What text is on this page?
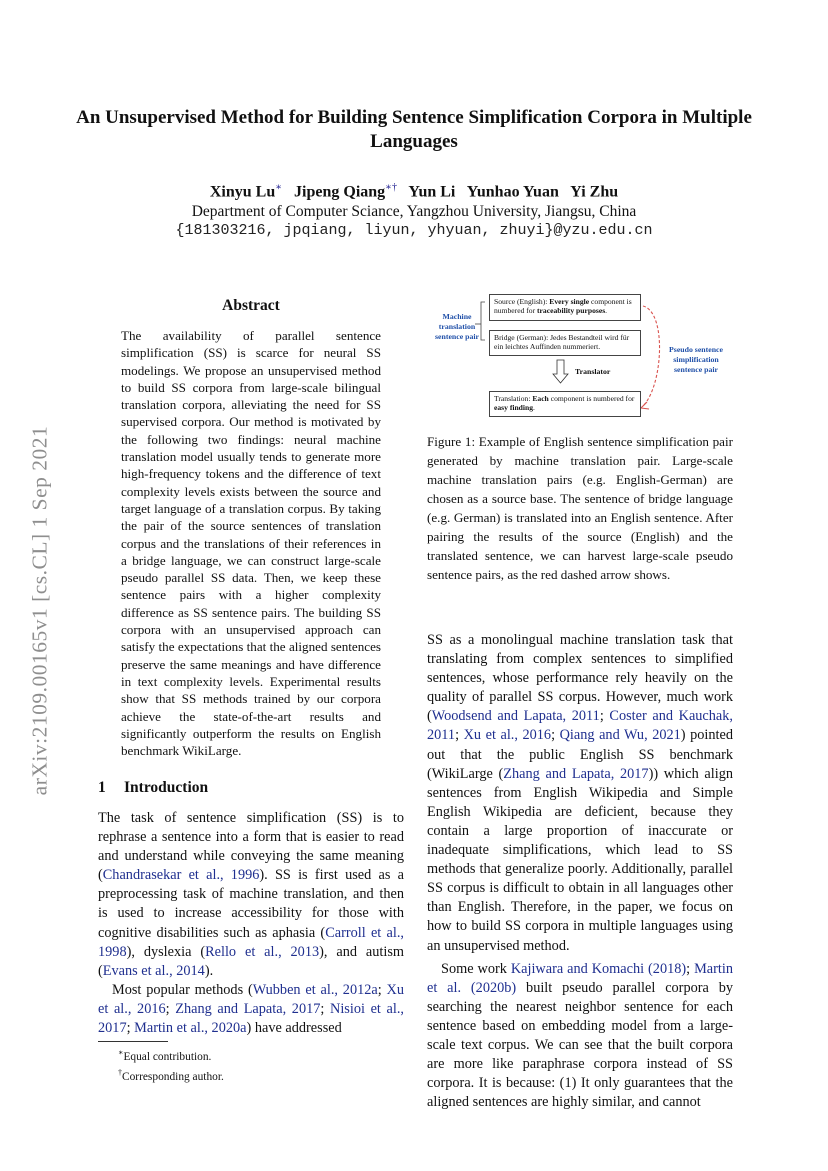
arXiv:2109.00165v1 [cs.CL] 1 Sep 2021
An Unsupervised Method for Building Sentence Simplification Corpora in Multiple Languages
Xinyu Lu∗ Jipeng Qiang∗† Yun Li Yunhao Yuan Yi Zhu
Department of Computer Sciance, Yangzhou University, Jiangsu, China
{181303216, jpqiang, liyun, yhyuan, zhuyi}@yzu.edu.cn
Abstract
The availability of parallel sentence simplification (SS) is scarce for neural SS modelings. We propose an unsupervised method to build SS corpora from large-scale bilingual translation corpora, alleviating the need for SS supervised corpora. Our method is motivated by the following two findings: neural machine translation model usually tends to generate more high-frequency tokens and the difference of text complexity levels exists between the source and target language of a translation corpus. By taking the pair of the source sentences of translation corpus and the translations of their references in a bridge language, we can construct large-scale pseudo parallel SS data. Then, we keep these sentence pairs with a higher complexity difference as SS sentence pairs. The building SS corpora with an unsupervised approach can satisfy the expectations that the aligned sentences preserve the same meanings and have difference in text complexity levels. Experimental results show that SS methods trained by our corpora achieve the state-of-the-art results and significantly outperform the results on English benchmark WikiLarge.
1 Introduction

The task of sentence simplification (SS) is to rephrase a sentence into a form that is easier to read and understand while conveying the same meaning (Chandrasekar et al., 1996). SS is first used as a preprocessing task of machine translation, and then is used to increase accessibility for those with cognitive disabilities such as aphasia (Carroll et al., 1998), dyslexia (Rello et al., 2013), and autism (Evans et al., 2014).

Most popular methods (Wubben et al., 2012a; Xu et al., 2016; Zhang and Lapata, 2017; Nisioi et al., 2017; Martin et al., 2020a) have addressed

∗Equal contribution.
†Corresponding author.
Machine translation sentence pair
Pseudo sentence simplification sentence pair
Source (English): Every single component is numbered for traceability purposes.
Bridge (German): Jedes Bestandteil wird für ein leichtes Auffinden nummeriert.
Translator
Translation: Each component is numbered for easy finding.
Figure 1: Example of English sentence simplification pair generated by machine translation pair. Large-scale machine translation pairs (e.g. English-German) are chosen as a source base. The sentence of bridge language (e.g. German) is translated into an English sentence. After pairing the results of the source (English) and the translated sentence, we can harvest large-scale pseudo sentence pairs, as the red dashed arrow shows.

SS as a monolingual machine translation task that translating from complex sentences to simplified sentences, whose performance rely heavily on the quality of parallel SS corpus. However, much work (Woodsend and Lapata, 2011; Coster and Kauchak, 2011; Xu et al., 2016; Qiang and Wu, 2021) pointed out that the public English SS benchmark (WikiLarge (Zhang and Lapata, 2017)) which align sentences from English Wikipedia and Simple English Wikipedia are deficient, because they contain a large proportion of inaccurate or inadequate simplifications, which lead to SS methods that generalize poorly. Additionally, parallel SS corpus is difficult to obtain in all languages other than English. Therefore, in the paper, we focus on how to build SS corpora in multiple languages using an unsupervised method.

Some work Kajiwara and Komachi (2018); Martin et al. (2020b) built pseudo parallel corpora by searching the nearest neighbor sentence for each sentence based on embedding model from a large-scale text corpus. We can see that the built corpora are more like paraphrase corpora instead of SS corpora. It is because: (1) It only guarantees that the aligned sentences are highly similar, and cannot
